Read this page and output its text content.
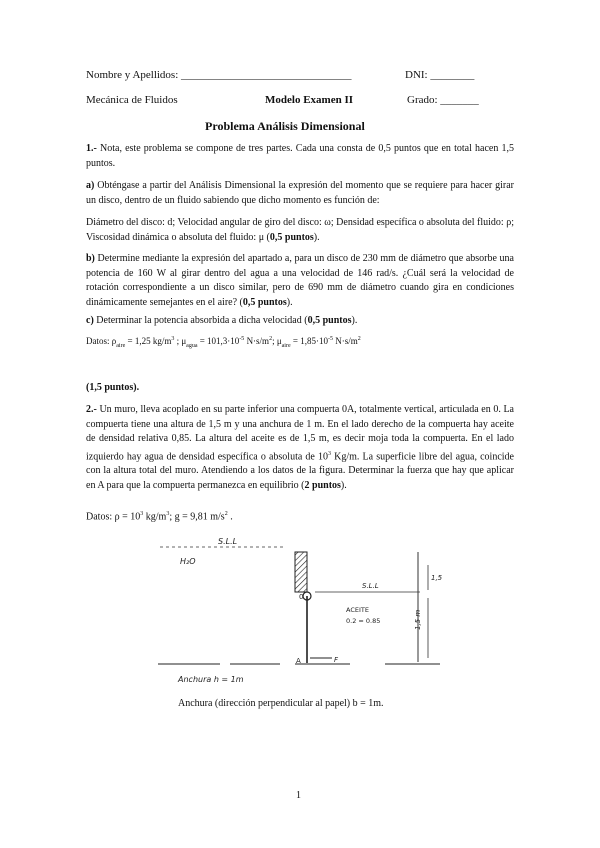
Nombre y Apellidos: _______________________________	DNI: ________
Mecánica de Fluidos	Modelo Examen II	Grado: _______
Problema Análisis Dimensional
1.- Nota, este problema se compone de tres partes. Cada una consta de 0,5 puntos que en total hacen 1,5 puntos.
a) Obténgase a partir del Análisis Dimensional la expresión del momento que se requiere para hacer girar un disco, dentro de un fluido sabiendo que dicho momento es función de:
Diámetro del disco: d; Velocidad angular de giro del disco: ω; Densidad específica o absoluta del fluido: ρ; Viscosidad dinámica o absoluta del fluido: μ (0,5 puntos).
b) Determine mediante la expresión del apartado a, para un disco de 230 mm de diámetro que absorbe una potencia de 160 W al girar dentro del agua a una velocidad de 146 rad/s. ¿Cuál será la velocidad de rotación correspondiente a un disco similar, pero de 690 mm de diámetro cuando gira en condiciones dinámicamente semejantes en el aire? (0,5 puntos).
c) Determinar la potencia absorbida a dicha velocidad (0,5 puntos).
Datos: $\rho_{aire} = 1,25$ $kg/m^3$ ; $\mu_{agua} = 101,3\cdot 10^{-5}$ $N\cdot s/m^2$; $\mu_{aire} = 1,85\cdot 10^{-5}$ $N\cdot s/m^2$
(1,5 puntos).
2.- Un muro, lleva acoplado en su parte inferior una compuerta 0A, totalmente vertical, articulada en 0. La compuerta tiene una altura de 1,5 m y una anchura de 1 m. En el lado derecho de la compuerta hay aceite de densidad relativa 0,85. La altura del aceite es de 1,5 m, es decir moja toda la compuerta. En el lado izquierdo hay agua de densidad específica o absoluta de $10^3$ Kg/m. La superficie libre del agua, coincide con la altura total del muro. Atendiendo a los datos de la figura. Determinar la fuerza que hay que aplicar en A para que la compuerta permanezca en equilibrio (2 puntos).
Datos: $\rho = 10^3$ $kg/m^3$; g = 9,81 $m/s^2$ .
S.L.L
H₂O
S.L.L
ACEITE
0.2 = 0.85
1,5
1,5 m
0
A	F
Anchura h = 1m
Anchura (dirección perpendicular al papel) b = 1m.
1
